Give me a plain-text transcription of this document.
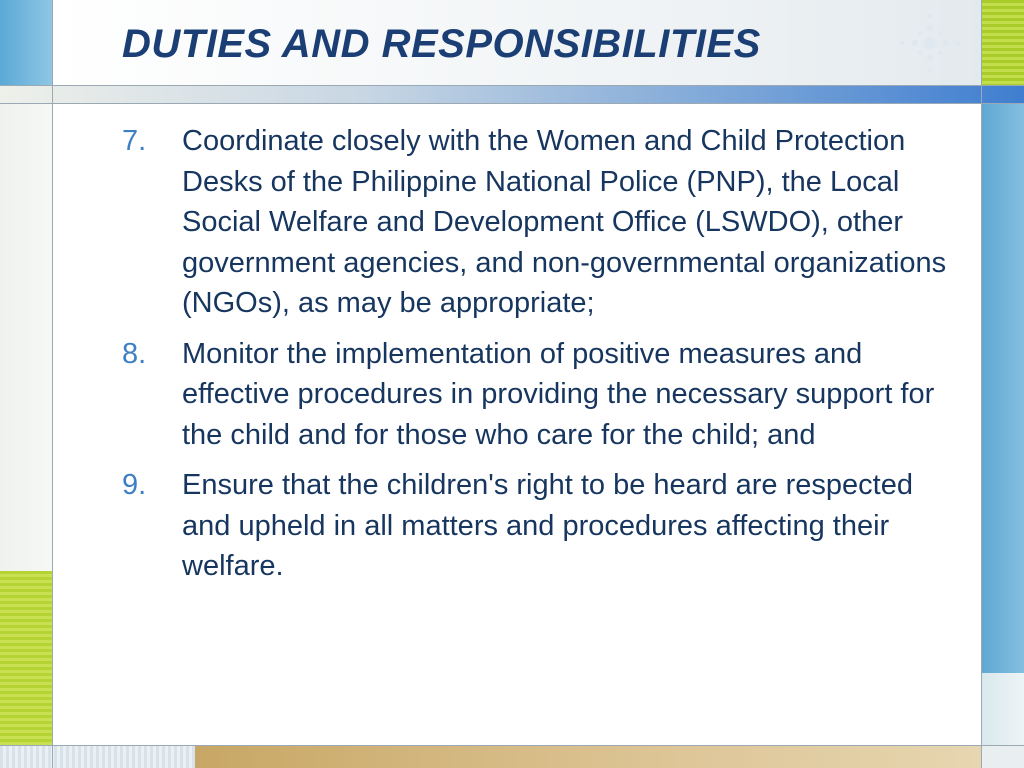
DUTIES AND RESPONSIBILITIES
7.	Coordinate closely with the Women and Child Protection Desks of the Philippine National Police (PNP), the Local Social Welfare and Development Office (LSWDO), other government agencies, and non-governmental organizations (NGOs), as may be appropriate;
8.	Monitor the implementation of positive measures and effective procedures in providing the necessary support for the child and for those who care for the child; and
9.	Ensure that the children's right to be heard are respected and upheld in all matters and procedures affecting their welfare.
